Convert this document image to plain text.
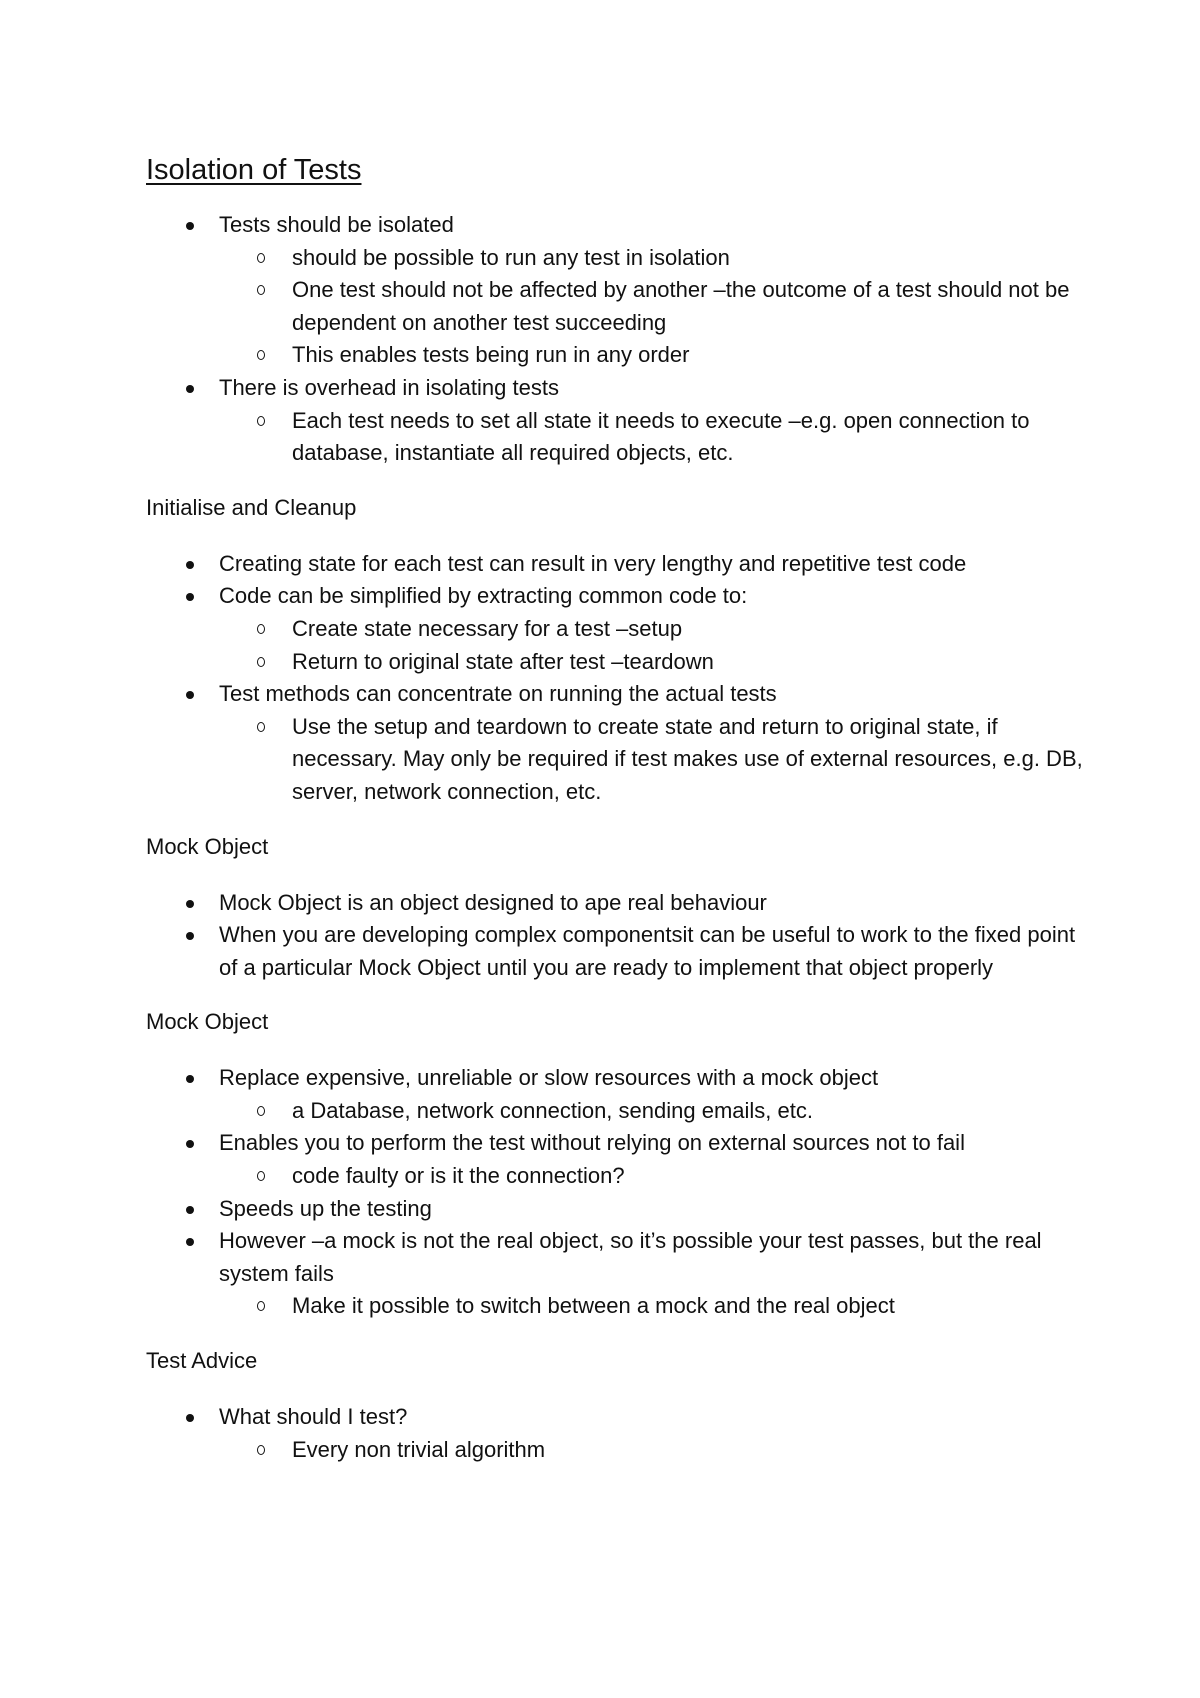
Isolation of Tests
Tests should be isolated
should be possible to run any test in isolation
One test should not be affected by another –the outcome of a test should not be dependent on another test succeeding
This enables tests being run in any order
There is overhead in isolating tests
Each test needs to set all state it needs to execute –e.g. open connection to database, instantiate all required objects, etc.
Initialise and Cleanup
Creating state for each test can result in very lengthy and repetitive test code
Code can be simplified by extracting common code to:
Create state necessary for a test –setup
Return to original state after test –teardown
Test methods can concentrate on running the actual tests
Use the setup and teardown to create state and return to original state, if necessary. May only be required if test makes use of external resources, e.g. DB, server, network connection, etc.
Mock Object
Mock Object is an object designed to ape real behaviour
When you are developing complex componentsit can be useful to work to the fixed point of a particular Mock Object until you are ready to implement that object properly
Mock Object
Replace expensive, unreliable or slow resources with a mock object
a Database, network connection, sending emails, etc.
Enables you to perform the test without relying on external sources not to fail
code faulty or is it the connection?
Speeds up the testing
However –a mock is not the real object, so it’s possible your test passes, but the real system fails
Make it possible to switch between a mock and the real object
Test Advice
What should I test?
Every non trivial algorithm
